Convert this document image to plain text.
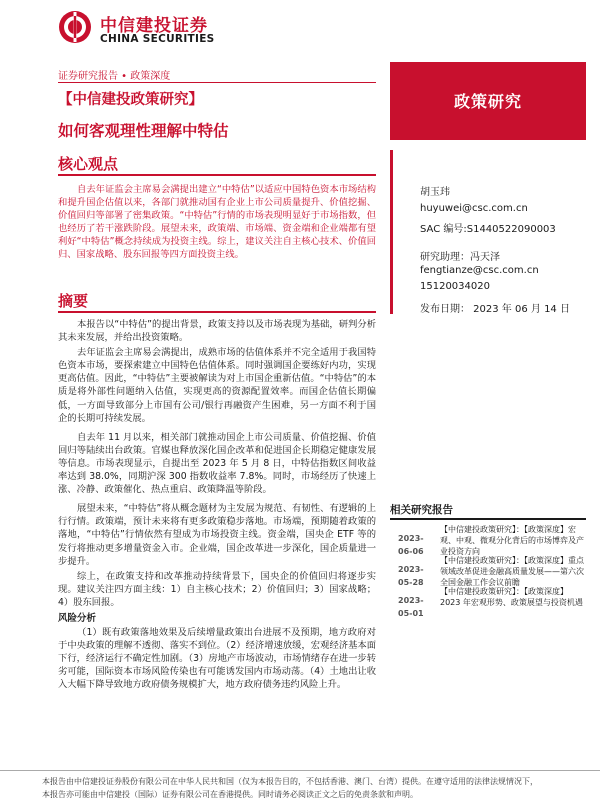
中信建投证券
CHINA SECURITIES
证券研究报告 • 政策深度
政策研究
【中信建投政策研究】
如何客观理性理解中特估
核心观点
自去年证监会主席易会满提出建立“中特估”以适应中国特色资本市场结构和提升国企估值以来，各部门就推动国有企业上市公司质量提升、价值挖掘、价值回归等部署了密集政策。“中特估”行情的市场表现明显好于市场指数，但也经历了若干涨跌阶段。展望未来，政策端、市场端、资金端和企业端都有望利好“中特估”概念持续成为投资主线。综上，建议关注自主核心技术、价值回归、国家战略、股东回报等四方面投资主线。
摘要

本报告以“中特估”的提出背景，政策支持以及市场表现为基础，研判分析其未来发展，并给出投资策略。

去年证监会主席易会满提出，成熟市场的估值体系并不完全适用于我国特色资本市场，要探索建立中国特色估值体系。同时强调国企要练好内功，实现更高估值。因此，“中特估”主要被解读为对上市国企重新估值。“中特估”的本质是将外部性问题纳入估值，实现更高的资源配置效率。而国企估值长期偏低，一方面导致部分上市国有公司/银行再融资产生困难，另一方面不利于国企的长期可持续发展。

自去年 11 月以来，相关部门就推动国企上市公司质量、价值挖掘、价值回归等陆续出台政策。官媒也释放深化国企改革和促进国企长期稳定健康发展等信息。市场表现显示，自提出至 2023 年 5 月 8 日，中特估指数区间收益率达到 38.0%，同期沪深 300 指数收益率 7.8%。同时，市场经历了快速上涨、冷静、政策催化、热点重启、政策降温等阶段。

展望未来，“中特估”将从概念题材为主发展为规范、有韧性、有逻辑的上行行情。政策端，预计未来将有更多政策稳步落地。市场端，预期随着政策的落地，“中特估”行情依然有望成为市场投资主线。资金端，国央企 ETF 等的发行将推动更多增量资金入市。企业端，国企改革进一步深化，国企质量进一步提升。

综上，在政策支持和改革推动持续背景下，国央企的价值回归将逐步实现。建议关注四方面主线：1）自主核心技术；2）价值回归；3）国家战略；4）股东回报。

风险分析

（1）既有政策落地效果及后续增量政策出台进展不及预期，地方政府对于中央政策的理解不透彻、落实不到位。（2）经济增速放缓，宏观经济基本面下行，经济运行不确定性加剧。（3）房地产市场波动，市场情绪存在进一步转劣可能，国际资本市场风险传染也有可能诱发国内市场动荡。（4）土地出让收入大幅下降导致地方政府债务规模扩大，地方政府债务违约风险上升。

胡玉玮
huyuwei@csc.com.cn
SAC 编号:S1440522090003
研究助理：冯天泽
fengtianze@csc.com.cn
15120034020
发布日期： 2023 年 06 月 14 日
相关研究报告
2023-06-06
【中信建投政策研究】：【政策深度】宏观、中观、微观分化背后的市场博弈及产业投资方向
2023-05-28
【中信建投政策研究】：【政策深度】重点领域改革促进金融高质量发展——第六次全国金融工作会议前瞻
2023-05-01
【中信建投政策研究】：【政策深度】2023 年宏观形势、政策展望与投资机遇
本报告由中信建投证券股份有限公司在中华人民共和国（仅为本报告目的，不包括香港、澳门、台湾）提供。在遵守适用的法律法规情况下，
本报告亦可能由中信建投（国际）证券有限公司在香港提供。同时请务必阅读正文之后的免责条款和声明。
